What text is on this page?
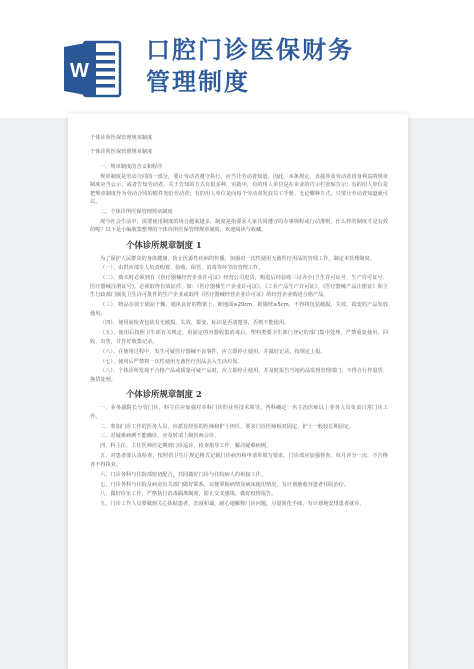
W
口腔门诊医保财务
管理制度

个体诊所医保管理规章制度

个体诊所医保管理规章制度

一、规章制度的含义和程序

规章制度是劳动合同的一部分，要让劳动者遵守执行，应当让劳动者知道。因此，本条规定，直接涉及劳动者切身利益的规章制度应当公示，或者告知劳动者。关于告知的方式有很多种，实践中，有的用人单位是在企业的告示栏张贴告示；有的用人单位是把规章制度作为劳动合同的附件发给劳动者；有的用人单位是向每个劳动者发放员工手册。无论哪种方式，只要让劳动者知道就可以。

二、个体诊所医保管理规章制度

现今社会生活中，需要使用制度的场合越来越多，制度是指要求大家共同遵守的办事规程或行动准则。什么样的制度才是有效的呢？以下是小编收集整理的个体诊所医保管理规章制度，欢迎阅读与收藏。

个体诊所规章制度 1

为了保护人民群众的身体健康，防止医源性疾病的传播，加强对一次性使用无菌医疗用品的管理工作，制定本管理制度。

（一）、由供应部专人负责购置、验收、保管、消毒等环节的管理工作。

（二）、购买时必须到有《医疗器械经营企业许可证》经营公司进货，购进后经验收三证齐全(卫生许可证号、生产许可证号、医疗器械注册证号)。必须取得有效证件，如：《医疗器械生产企业许可证》、《工业产品生产许可证》、《医疗器械产品注册证》和卫生行政部门颁发卫生许可批件的生产企业或取得《医疗器械经营企业许可证》的经营企业购进合格产品。

（三）、物品存放于阴凉干燥、通风良好的物架上，距地面≥20cm，距墙壁≥5cm，不得将包装破损、失效、霉变的产品发放使用。

（四）、使用前检查包装有无破损、失效、霉变，标识是否清楚等，否则不能使用。

（五）、使用后按照卫生部有关规定，用固定的容器收集消毒后，塑料类要卫生部门登记的部门集中处理，严禁重复使用、回收、出售，并作好收集记录。

（六）、在使用过程中，发生可疑医疗器械不良事件，应立即停止使用，并做好记录，按规定上报。

（七）、使用后严禁将一次性使用无菌医疗用品丢入生活垃圾。

（八）、个体诊所发现不合格产品或质量可疑产品时，应立即停止使用，并及时报告当地药品监督管理部门，不得自行作退货、换货处理。

个体诊所规章制度 2

一、业务副院长分管门诊，科主任应加强对本科门诊的业务技术领导。各科确定一名主治医师以上业务人员负责日常门诊工作。

二、参加门诊工作的医务人员，应派有经验的医师和护士担任，要求门诊医师相对固定，护士一般较长期固定。

三、对疑难病例不能确诊，应及时请上级医师会诊。

四、科主任、主任医师应定期到门诊巡诊，检查指导工作，解决疑难病例。

五、对患者要认真检查，按照省卫生厅规定格式记载门诊病历和申请单填写要求。门诊部应加强督查，每月评分一次，不合格者不得执业。

六、门诊各科与住院部密切配合，共同做好门诊与住院病人的衔接工作。

七、门诊各科与住院及病房有关部门做好联系，以便掌握病情及病床使用情况，有计划地收容患者住院治疗。

八、做好诊室工作，严格执行消毒隔离制度，防止交叉感染，做好疫情报告。

九、门诊工作人员要做到关心体贴患者，态度和蔼，耐心地解释门诊问题，尽量简化手续，有计划地安排患者就诊。
